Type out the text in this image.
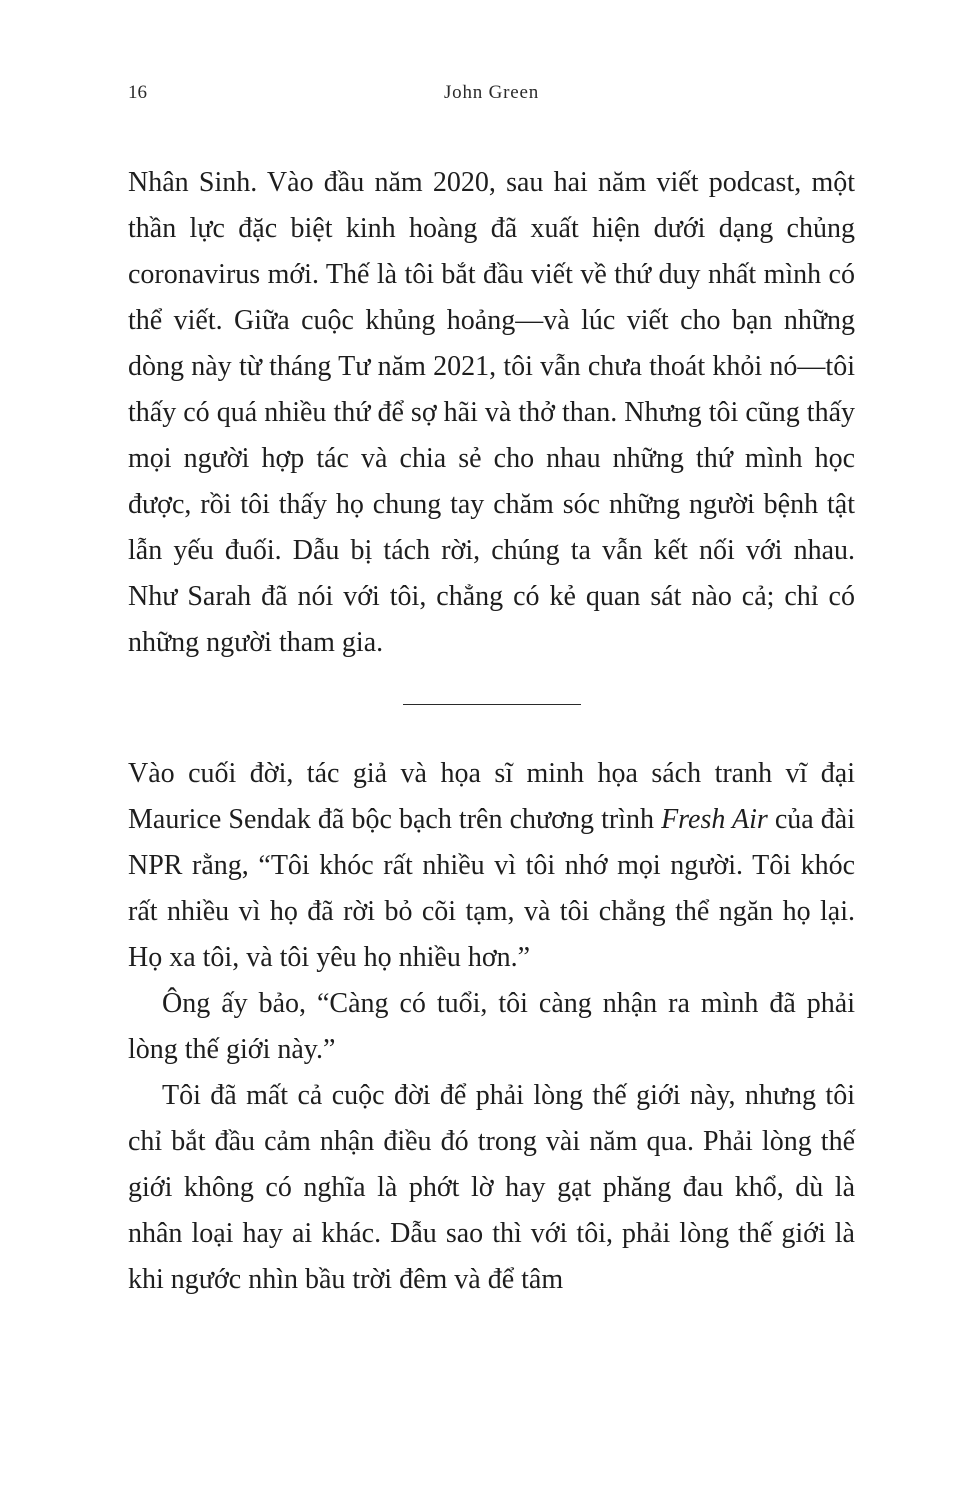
16	John Green

Nhân Sinh. Vào đầu năm 2020, sau hai năm viết podcast, một thần lực đặc biệt kinh hoàng đã xuất hiện dưới dạng chủng coronavirus mới. Thế là tôi bắt đầu viết về thứ duy nhất mình có thể viết. Giữa cuộc khủng hoảng—và lúc viết cho bạn những dòng này từ tháng Tư năm 2021, tôi vẫn chưa thoát khỏi nó—tôi thấy có quá nhiều thứ để sợ hãi và thở than. Nhưng tôi cũng thấy mọi người hợp tác và chia sẻ cho nhau những thứ mình học được, rồi tôi thấy họ chung tay chăm sóc những người bệnh tật lẫn yếu đuối. Dẫu bị tách rời, chúng ta vẫn kết nối với nhau. Như Sarah đã nói với tôi, chẳng có kẻ quan sát nào cả; chỉ có những người tham gia.

Vào cuối đời, tác giả và họa sĩ minh họa sách tranh vĩ đại Maurice Sendak đã bộc bạch trên chương trình Fresh Air của đài NPR rằng, “Tôi khóc rất nhiều vì tôi nhớ mọi người. Tôi khóc rất nhiều vì họ đã rời bỏ cõi tạm, và tôi chẳng thể ngăn họ lại. Họ xa tôi, và tôi yêu họ nhiều hơn.”

Ông ấy bảo, “Càng có tuổi, tôi càng nhận ra mình đã phải lòng thế giới này.”

Tôi đã mất cả cuộc đời để phải lòng thế giới này, nhưng tôi chỉ bắt đầu cảm nhận điều đó trong vài năm qua. Phải lòng thế giới không có nghĩa là phớt lờ hay gạt phăng đau khổ, dù là nhân loại hay ai khác. Dẫu sao thì với tôi, phải lòng thế giới là khi ngước nhìn bầu trời đêm và để tâm
